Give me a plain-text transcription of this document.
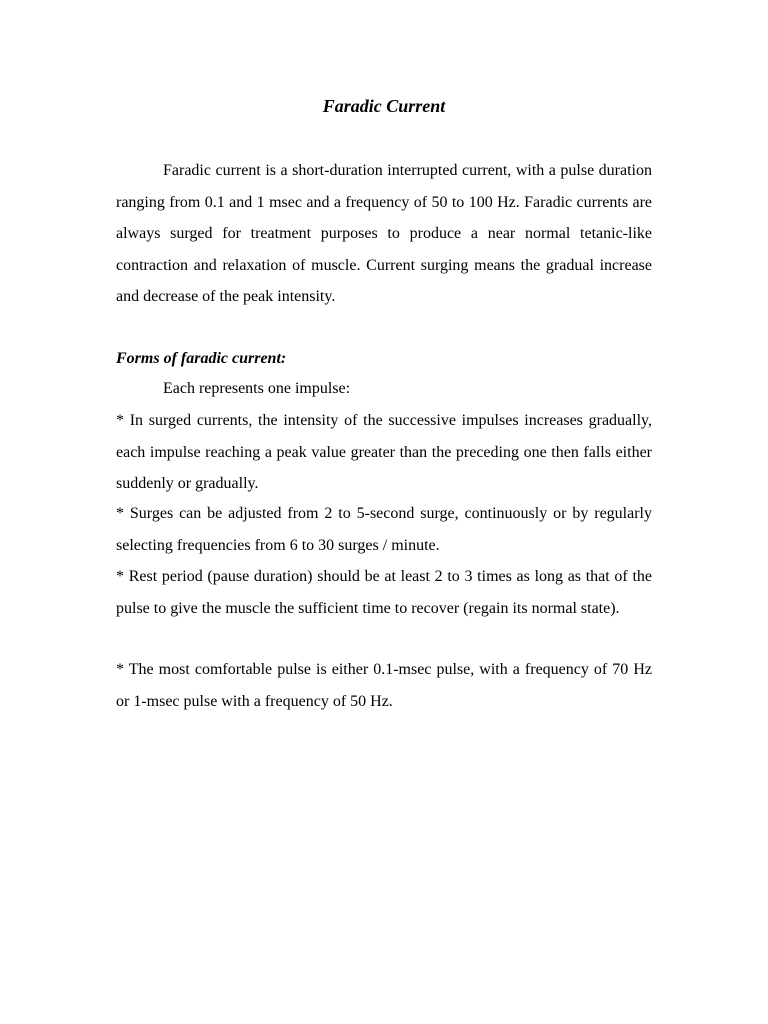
Faradic Current

Faradic current is a short-duration interrupted current, with a pulse duration ranging from 0.1 and 1 msec and a frequency of 50 to 100 Hz. Faradic currents are always surged for treatment purposes to produce a near normal tetanic-like contraction and relaxation of muscle. Current surging means the gradual increase and decrease of the peak intensity.

Forms of faradic current:

Each represents one impulse:

* In surged currents, the intensity of the successive impulses increases gradually, each impulse reaching a peak value greater than the preceding one then falls either suddenly or gradually.

* Surges can be adjusted from 2 to 5-second surge, continuously or by regularly selecting frequencies from 6 to 30 surges / minute.

* Rest period (pause duration) should be at least 2 to 3 times as long as that of the pulse to give the muscle the sufficient time to recover (regain its normal state).

* The most comfortable pulse is either 0.1-msec pulse, with a frequency of 70 Hz or 1-msec pulse with a frequency of 50 Hz.
